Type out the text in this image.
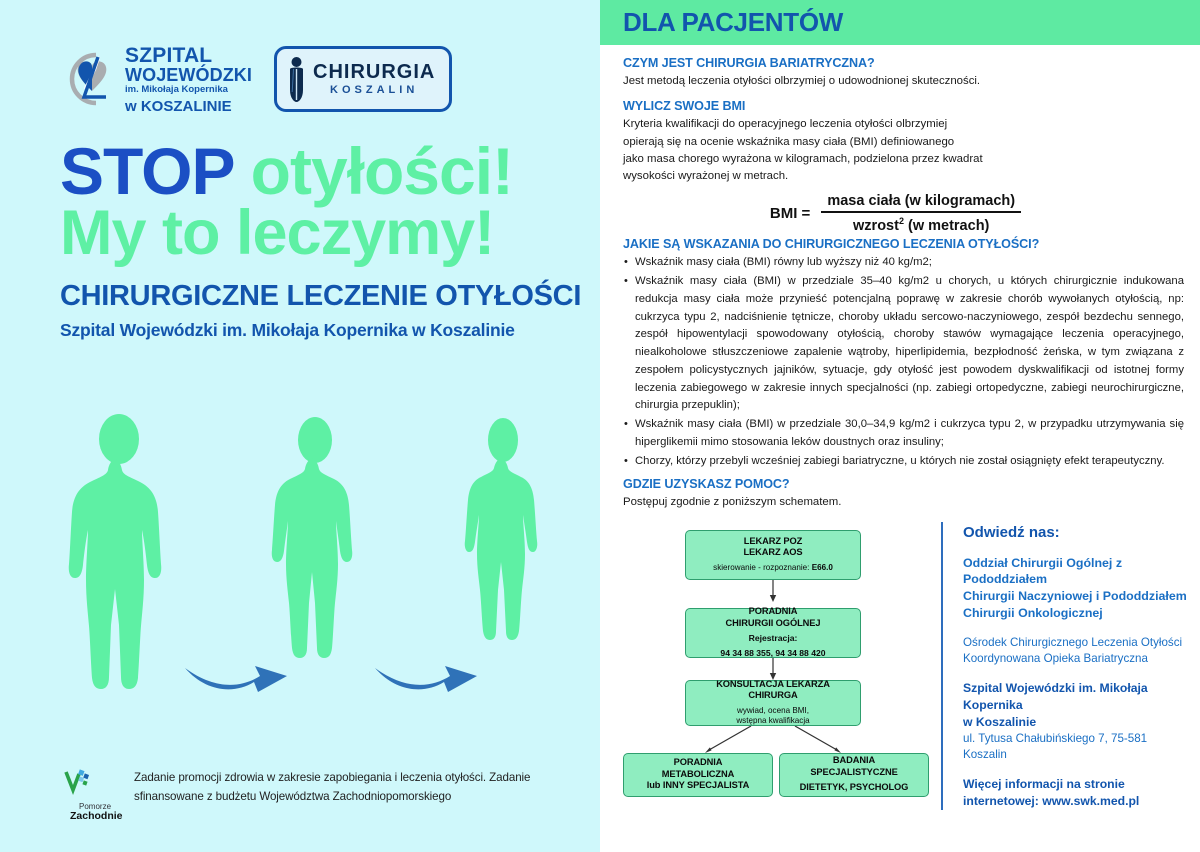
SZPITAL
WOJEWÓDZKI
im. Mikołaja Kopernika
w KOSZALINIE
CHIRURGIA
KOSZALIN
STOP otyłości!
My to leczymy!
CHIRURGICZNE LECZENIE OTYŁOŚCI
Szpital Wojewódzki im. Mikołaja Kopernika w Koszalinie
Pomorze
Zachodnie
Zadanie promocji zdrowia w zakresie zapobiegania i leczenia otyłości. Zadanie sfinansowane z budżetu Województwa Zachodniopomorskiego
DLA PACJENTÓW
CZYM JEST CHIRURGIA BARIATRYCZNA?
Jest metodą leczenia otyłości olbrzymiej o udowodnionej skuteczności.
WYLICZ SWOJE BMI
Kryteria kwalifikacji do operacyjnego leczenia otyłości olbrzymiej
opierają się na ocenie wskaźnika masy ciała (BMI) definiowanego
jako masa chorego wyrażona w kilogramach, podzielona przez kwadrat
wysokości wyrażonej w metrach.
BMI = $\frac{\text{masa ciała (w kilogramach)}}{wzrost^2 (w metrach)}$
JAKIE SĄ WSKAZANIA DO CHIRURGICZNEGO LECZENIA OTYŁOŚCI?
• Wskaźnik masy ciała (BMI) równy lub wyższy niż 40 kg/m2;
• Wskaźnik masy ciała (BMI) w przedziale 35–40 kg/m2 u chorych, u których chirurgicznie indukowana redukcja masy ciała może przynieść potencjalną poprawę w zakresie chorób wywołanych otyłością, np: cukrzyca typu 2, nadciśnienie tętnicze, choroby układu sercowo-naczyniowego, zespół bezdechu sennego, zespół hipowentylacji spowodowany otyłością, choroby stawów wymagające leczenia operacyjnego, niealkoholowe stłuszczeniowe zapalenie wątroby, hiperlipidemia, bezpłodność żeńska, w tym związana z zespołem policystycznych jajników, sytuacje, gdy otyłość jest powodem dyskwalifikacji od istotnej formy leczenia zabiegowego w zakresie innych specjalności (np. zabiegi ortopedyczne, zabiegi neurochirurgiczne, chirurgia przepuklin);
• Wskaźnik masy ciała (BMI) w przedziale 30,0–34,9 kg/m2 i cukrzyca typu 2, w przypadku utrzymywania się hiperglikemii mimo stosowania leków doustnych oraz insuliny;
• Chorzy, którzy przebyli wcześniej zabiegi bariatryczne, u których nie został osiągnięty efekt terapeutyczny.
GDZIE UZYSKASZ POMOC?
Postępuj zgodnie z poniższym schematem.
LEKARZ POZ
LEKARZ AOS
skierowanie - rozpoznanie: E66.0
PORADNIA
CHIRURGII OGÓLNEJ
Rejestracja:
94 34 88 355, 94 34 88 420
KONSULTACJA LEKARZA
CHIRURGA
wywiad, ocena BMI,
wstępna kwalifikacja
PORADNIA
METABOLICZNA
lub INNY SPECJALISTA
BADANIA
SPECJALISTYCZNE
DIETETYK, PSYCHOLOG
Odwiedź nas:
Oddział Chirurgii Ogólnej z Pododdziałem
Chirurgii Naczyniowej i Pododdziałem
Chirurgii Onkologicznej
Ośrodek Chirurgicznego Leczenia Otyłości
Koordynowana Opieka Bariatryczna
Szpital Wojewódzki im. Mikołaja Kopernika
w Koszalinie
ul. Tytusa Chałubińskiego 7, 75-581 Koszalin
Więcej informacji na stronie
internetowej: www.swk.med.pl
